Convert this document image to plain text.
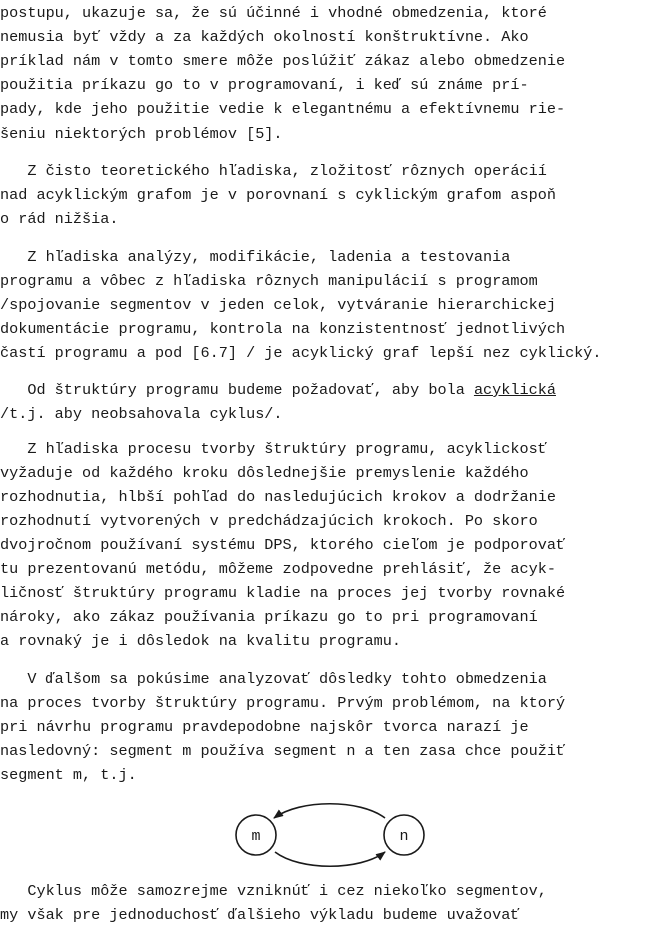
postupu, ukazuje sa, že sú účinné i vhodné obmedzenia, ktoré
nemusia byť vždy a za každých okolností konštruktívne. Ako
príklad nám v tomto smere môže poslúžiť zákaz alebo obmedzenie
použitia príkazu go to v programovaní, i keď sú známe prí-
pady, kde jeho použitie vedie k elegantnému a efektívnemu rie-
šeniu niektorých problémov [5].
Z čisto teoretického hľadiska, zložitosť rôznych operácií
nad acyklickým grafom je v porovnaní s cyklickým grafom aspoň
o rád nižšia.
Z hľadiska analýzy, modifikácie, ladenia a testovania
programu a vôbec z hľadiska rôznych manipulácií s programom
/spojovanie segmentov v jeden celok, vytváranie hierarchickej
dokumentácie programu, kontrola na konzistentnosť jednotlivých
častí programu a pod [6.7] / je acyklický graf lepší nez cyklický.
Od štruktúry programu budeme požadovať, aby bola acyklická
/t.j. aby neobsahovala cyklus/.
Z hľadiska procesu tvorby štruktúry programu, acyklickosť
vyžaduje od každého kroku dôslednejšie premyslenie každého
rozhodnutia, hlbší pohľad do nasledujúcich krokov a dodržanie
rozhodnutí vytvorených v predchádzajúcich krokoch. Po skoro
dvojročnom používaní systému DPS, ktorého cieľom je podporovať
tu prezentovanú metódu, môžeme zodpovedne prehlásiť, že acyk-
ličnosť štruktúry programu kladie na proces jej tvorby rovnaké
nároky, ako zákaz používania príkazu go to pri programovaní
a rovnaký je i dôsledok na kvalitu programu.
V ďalšom sa pokúsime analyzovať dôsledky tohto obmedzenia
na proces tvorby štruktúry programu. Prvým problémom, na ktorý
pri návrhu programu pravdepodobne najskôr tvorca narazí je
nasledovný: segment m používa segment n a ten zasa chce použiť
segment m, t.j.
m	n
Cyklus môže samozrejme vzniknúť i cez niekoľko segmentov,
my však pre jednoduchosť ďalšieho výkladu budeme uvažovať
